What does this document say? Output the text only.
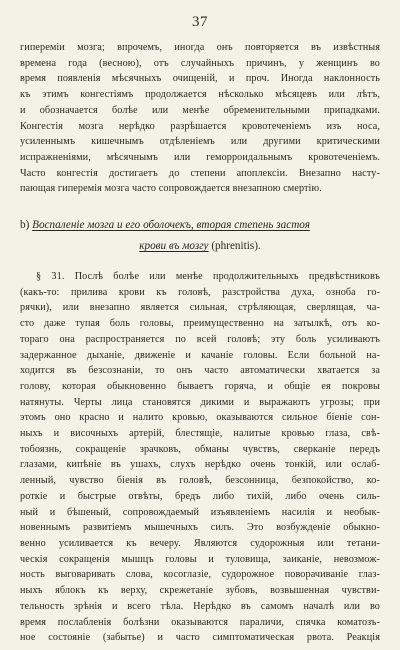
37
гиперемiи мозга; впрочемъ, иногда онъ повторяется въ извѣстныя
времена года (весною), отъ случайныхъ причинъ, у женщинъ во
время появленія мѣсячныхъ очищеній, и проч. Иногда наклонность
къ этимъ конгестіямъ продолжается нѣсколько мѣсяцевъ или лѣтъ,
и обозначается болѣе или менѣе обременительными припадками.
Конгестія мозга нерѣдко разрѣшается кровотеченіемъ изъ носа,
усиленнымъ кишечнымъ отдѣленіемъ или другими критическими
испражненіями, мѣсячнымъ или геморроидальнымъ кровотеченіемъ.
Часто конгестія достигаетъ до степени апоплексіи. Внезапно насту-
пающая гиперемія мозга часто сопровождается внезапною смертію.
b) Воспаленіе мозга и его оболочекъ, вторая степень застоя
крови въ мозгу (phrenitis).
§ 31. Послѣ болѣе или менѣе продолжительныхъ предвѣстниковъ
(какъ-то: прилива крови къ головѣ, разстройства духа, озноба го-
рячки), или внезапно является сильная, стрѣляющая, сверлящая, ча-
сто даже тупая боль головы, преимущественно на затылкѣ, отъ ко-
тораго она распространяется по всей головѣ; эту боль усиливаютъ
задержанное дыханіе, движеніе и качаніе головы. Если больной на-
ходится въ безсознаніи, то онъ часто автоматически хватается за
голову, которая обыкновенно бываетъ горяча, и общіе ея покровы
натянуты. Черты лица становятся дикими и выражаютъ угрозы; при
этомъ оно красно и налито кровью, оказываются сильное біеніе сон-
ныхъ и височныхъ артерій, блестящіе, налитые кровью глаза, свѣ-
тобоязнь, сокращеніе зрачковъ, обманы чувствъ, сверканіе передъ
глазами, кипѣніе въ ушахъ, слухъ нерѣдко очень тонкій, или ослаб-
ленный, чувство біенія въ головѣ, безсонница, безпокойство, ко-
роткіе и быстрые отвѣты, бредъ либо тихій, либо очень силь-
ный и бѣшеный, сопровождаемый изъявленіемъ насилія и необык-
новеннымъ развитіемъ мышечныхъ силъ. Это возбужденіе обыкно-
венно усиливается къ вечеру. Являются судорожныя или тетани-
ческія сокращенія мышцъ головы и туловища, заиканіе, невозмож-
ность выговаривать слова, косоглазіе, судорожное поворачиваніе глаз-
ныхъ яблокъ къ верху, скрежетаніе зубовъ, возвышенная чувстви-
тельность зрѣнія и всего тѣла. Нерѣдко въ самомъ началѣ или во
время послабленія болѣзни оказываются параличи, спячка коматозъ-
ное состояніе (забытье) и часто симптоматическая рвота. Реакція
